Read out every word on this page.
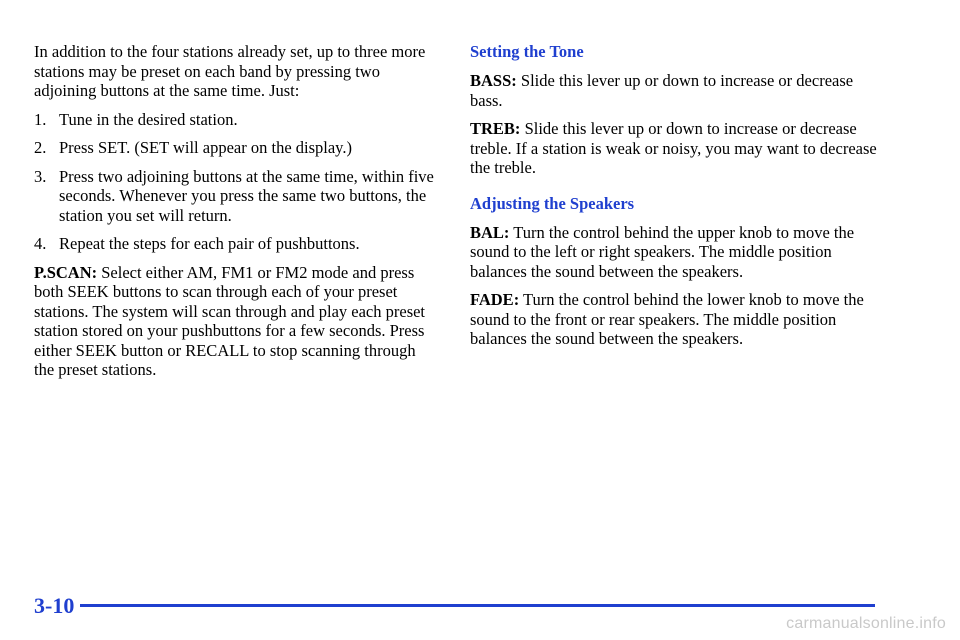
In addition to the four stations already set, up to three more stations may be preset on each band by pressing two adjoining buttons at the same time. Just:

1. Tune in the desired station.
2. Press SET. (SET will appear on the display.)
3. Press two adjoining buttons at the same time, within five seconds. Whenever you press the same two buttons, the station you set will return.
4. Repeat the steps for each pair of pushbuttons.

P.SCAN: Select either AM, FM1 or FM2 mode and press both SEEK buttons to scan through each of your preset stations. The system will scan through and play each preset station stored on your pushbuttons for a few seconds. Press either SEEK button or RECALL to stop scanning through the preset stations.

Setting the Tone

BASS: Slide this lever up or down to increase or decrease bass.

TREB: Slide this lever up or down to increase or decrease treble. If a station is weak or noisy, you may want to decrease the treble.

Adjusting the Speakers

BAL: Turn the control behind the upper knob to move the sound to the left or right speakers. The middle position balances the sound between the speakers.

FADE: Turn the control behind the lower knob to move the sound to the front or rear speakers. The middle position balances the sound between the speakers.

3-10
carmanualsonline.info
